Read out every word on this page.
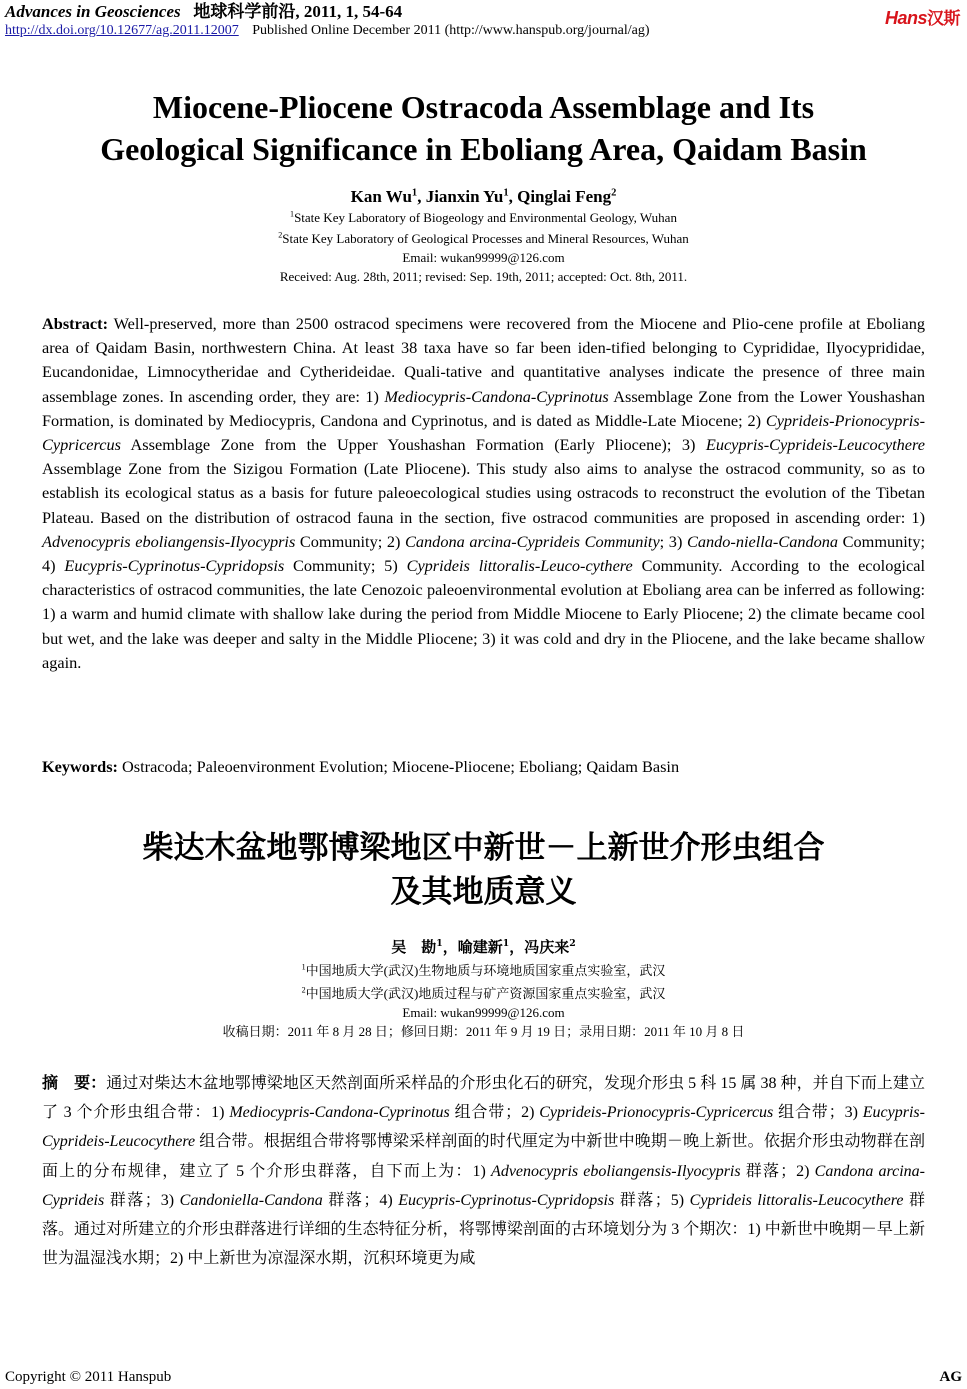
Advances in Geosciences 地球科学前沿, 2011, 1, 54-64
http://dx.doi.org/10.12677/ag.2011.12007 Published Online December 2011 (http://www.hanspub.org/journal/ag)
Hans汉斯
Miocene-Pliocene Ostracoda Assemblage and Its
Geological Significance in Eboliang Area, Qaidam Basin
Kan Wu$^1$, Jianxin Yu$^1$, Qinglai Feng$^2$
$^1$State Key Laboratory of Biogeology and Environmental Geology, Wuhan
$^2$State Key Laboratory of Geological Processes and Mineral Resources, Wuhan
Email: wukan99999@126.com
Received: Aug. 28th, 2011; revised: Sep. 19th, 2011; accepted: Oct. 8th, 2011.
Abstract: Well-preserved, more than 2500 ostracod specimens were recovered from the Miocene and Plio-cene profile at Eboliang area of Qaidam Basin, northwestern China. At least 38 taxa have so far been iden-tified belonging to Cyprididae, Ilyocyprididae, Eucandonidae, Limnocytheridae and Cytherideidae. Quali-tative and quantitative analyses indicate the presence of three main assemblage zones. In ascending order, they are: 1) Mediocypris-Candona-Cyprinotus Assemblage Zone from the Lower Youshashan Formation, is dominated by Mediocypris, Candona and Cyprinotus, and is dated as Middle-Late Miocene; 2) Cyprideis-Prionocypris-Cypricercus Assemblage Zone from the Upper Youshashan Formation (Early Pliocene); 3) Eucypris-Cyprideis-Leucocythere Assemblage Zone from the Sizigou Formation (Late Pliocene). This study also aims to analyse the ostracod community, so as to establish its ecological status as a basis for future paleoecological studies using ostracods to reconstruct the evolution of the Tibetan Plateau. Based on the distribution of ostracod fauna in the section, five ostracod communities are proposed in ascending order: 1) Advenocypris eboliangensis-Ilyocypris Community; 2) Candona arcina-Cyprideis Community; 3) Cando-niella-Candona Community; 4) Eucypris-Cyprinotus-Cypridopsis Community; 5) Cyprideis littoralis-Leuco-cythere Community. According to the ecological characteristics of ostracod communities, the late Cenozoic paleoenvironmental evolution at Eboliang area can be inferred as following: 1) a warm and humid climate with shallow lake during the period from Middle Miocene to Early Pliocene; 2) the climate became cool but wet, and the lake was deeper and salty in the Middle Pliocene; 3) it was cold and dry in the Pliocene, and the lake became shallow again.
Keywords: Ostracoda; Paleoenvironment Evolution; Miocene-Pliocene; Eboliang; Qaidam Basin
柴达木盆地鄂博梁地区中新世－上新世介形虫组合
及其地质意义
吴　勘$^1$，喻建新$^1$，冯庆来$^2$
$^1$中国地质大学(武汉)生物地质与环境地质国家重点实验室，武汉
$^2$中国地质大学(武汉)地质过程与矿产资源国家重点实验室，武汉
Email: wukan99999@126.com
收稿日期：2011 年 8 月 28 日；修回日期：2011 年 9 月 19 日；录用日期：2011 年 10 月 8 日
摘　要：通过对柴达木盆地鄂博梁地区天然剖面所采样品的介形虫化石的研究，发现介形虫 5 科 15 属 38 种，并自下而上建立了 3 个介形虫组合带：1) Mediocypris-Candona-Cyprinotus 组合带；2) Cyprideis-Prionocypris-Cypricercus 组合带；3) Eucypris-Cyprideis-Leucocythere 组合带。根据组合带将鄂博梁采样剖面的时代厘定为中新世中晚期－晚上新世。依据介形虫动物群在剖面上的分布规律，建立了 5 个介形虫群落，自下而上为：1) Advenocypris eboliangensis-Ilyocypris 群落；2) Candona arcina-Cyprideis 群落；3) Candoniella-Candona 群落；4) Eucypris-Cyprinotus-Cypridopsis 群落；5) Cyprideis littoralis-Leucocythere 群落。通过对所建立的介形虫群落进行详细的生态特征分析，将鄂博梁剖面的古环境划分为 3 个期次：1) 中新世中晚期－早上新世为温湿浅水期；2) 中上新世为凉湿深水期，沉积环境更为咸
Copyright © 2011 Hanspub	AG
